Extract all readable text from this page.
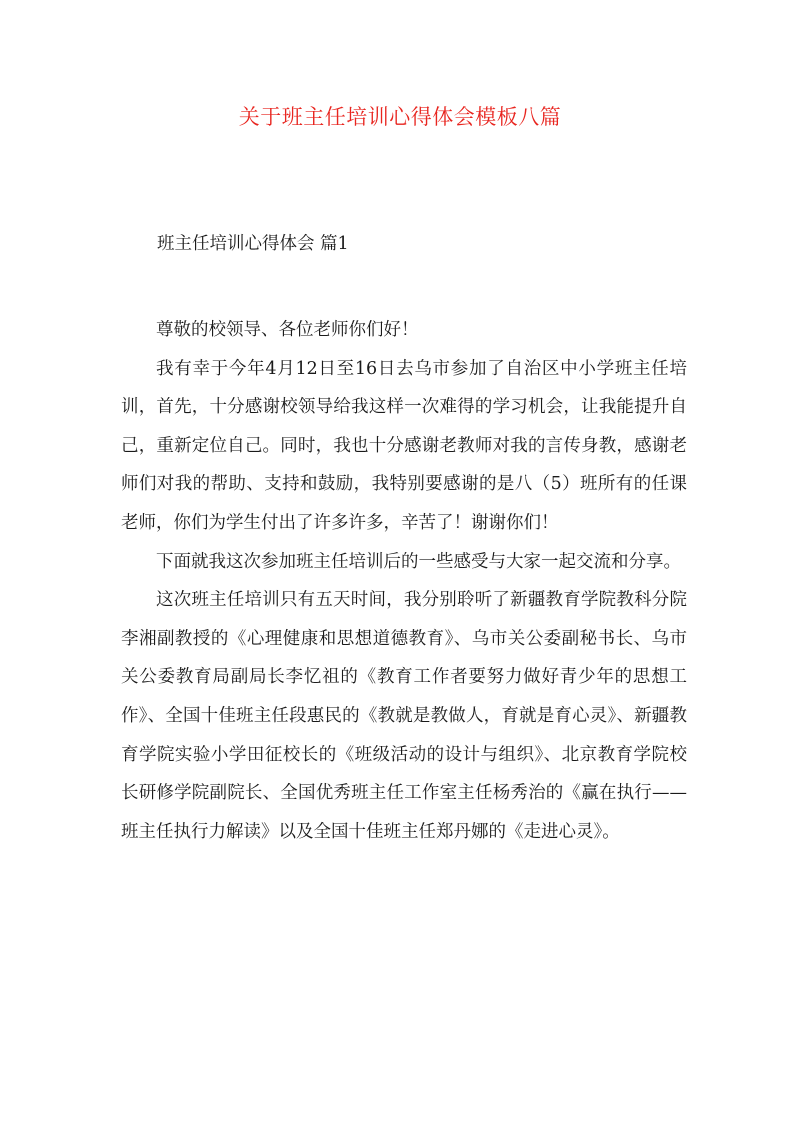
关于班主任培训心得体会模板八篇
班主任培训心得体会 篇1

尊敬的校领导、各位老师你们好！

我有幸于今年4月12日至16日去乌市参加了自治区中小学班主任培训，首先，十分感谢校领导给我这样一次难得的学习机会，让我能提升自己，重新定位自己。同时，我也十分感谢老教师对我的言传身教，感谢老师们对我的帮助、支持和鼓励，我特别要感谢的是八（5）班所有的任课老师，你们为学生付出了许多许多，辛苦了！谢谢你们！

下面就我这次参加班主任培训后的一些感受与大家一起交流和分享。

这次班主任培训只有五天时间，我分别聆听了新疆教育学院教科分院李湘副教授的《心理健康和思想道德教育》、乌市关公委副秘书长、乌市关公委教育局副局长李忆祖的《教育工作者要努力做好青少年的思想工作》、全国十佳班主任段惠民的《教就是教做人，育就是育心灵》、新疆教育学院实验小学田征校长的《班级活动的设计与组织》、北京教育学院校长研修学院副院长、全国优秀班主任工作室主任杨秀治的《赢在执行——班主任执行力解读》以及全国十佳班主任郑丹娜的《走进心灵》。
